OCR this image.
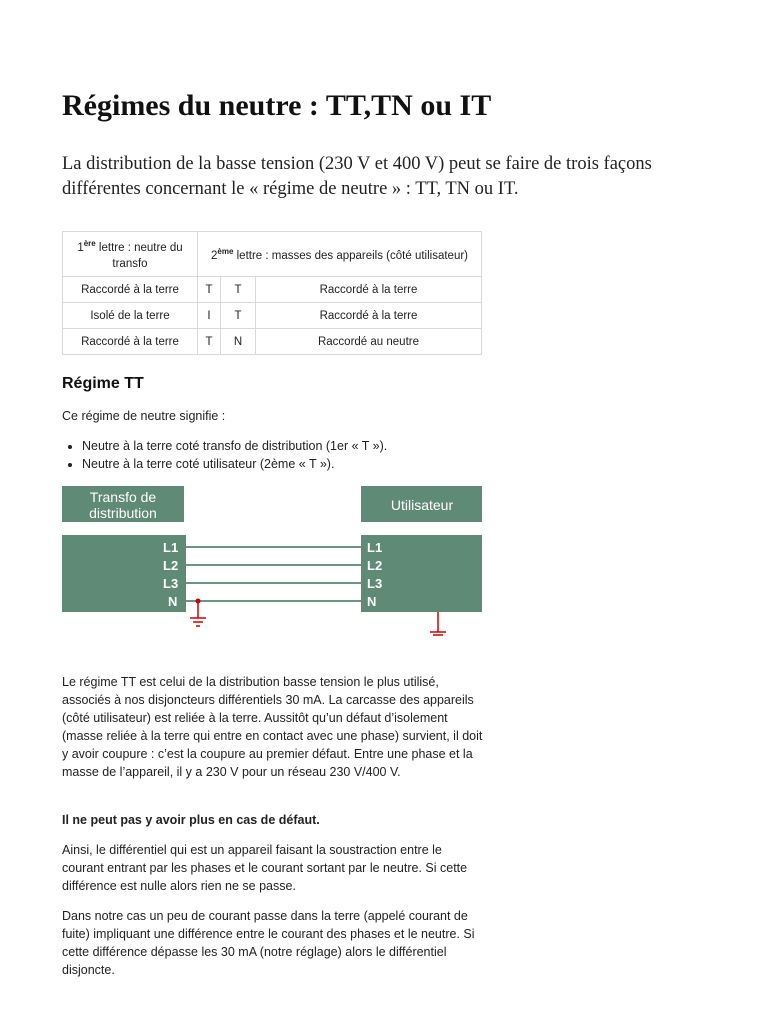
Régimes du neutre : TT,TN ou IT

La distribution de la basse tension (230 V et 400 V) peut se faire de trois façons différentes concernant le « régime de neutre » : TT, TN ou IT.

1ère lettre : neutre du transfo	2ème lettre : masses des appareils (côté utilisateur)		
Raccordé à la terre	T	T	Raccordé à la terre
Isolé de la terre	I	T	Raccordé à la terre
Raccordé à la terre	T	N	Raccordé au neutre
Régime TT

Ce régime de neutre signifie :

• Neutre à la terre coté transfo de distribution (1er « T »).
• Neutre à la terre coté utilisateur (2ème « T »).
Transfo de
distribution	Utilisateur
L1
L2
L3
N
L1
L2
L3
N

Le régime TT est celui de la distribution basse tension le plus utilisé, associés à nos disjoncteurs différentiels 30 mA. La carcasse des appareils (côté utilisateur) est reliée à la terre. Aussitôt qu’un défaut d’isolement (masse reliée à la terre qui entre en contact avec une phase) survient, il doit y avoir coupure : c’est la coupure au premier défaut. Entre une phase et la masse de l’appareil, il y a 230 V pour un réseau 230 V/400 V.

Il ne peut pas y avoir plus en cas de défaut.

Ainsi, le différentiel qui est un appareil faisant la soustraction entre le courant entrant par les phases et le courant sortant par le neutre. Si cette différence est nulle alors rien ne se passe.

Dans notre cas un peu de courant passe dans la terre (appelé courant de fuite) impliquant une différence entre le courant des phases et le neutre. Si cette différence dépasse les 30 mA (notre réglage) alors le différentiel disjoncte.
